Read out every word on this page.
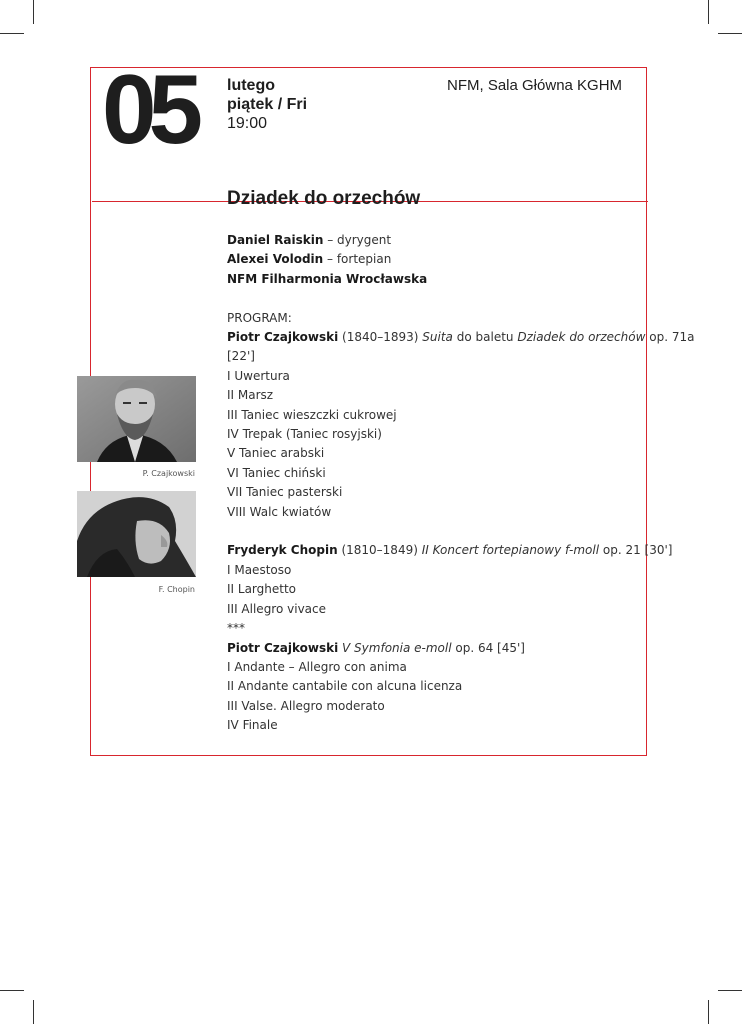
05 lutego
piątek / Fri
19:00
NFM, Sala Główna KGHM
Dziadek do orzechów
P. Czajkowski
F. Chopin
Daniel Raiskin – dyrygent
Alexei Volodin – fortepian
NFM Filharmonia Wrocławska
PROGRAM:
Piotr Czajkowski (1840–1893) Suita do baletu Dziadek do orzechów op. 71a
[22']
I Uwertura
II Marsz
III Taniec wieszczki cukrowej
IV Trepak (Taniec rosyjski)
V Taniec arabski
VI Taniec chiński
VII Taniec pasterski
VIII Walc kwiatów
Fryderyk Chopin (1810–1849) II Koncert fortepianowy f-moll op. 21 [30']
I Maestoso
II Larghetto
III Allegro vivace
***
Piotr Czajkowski V Symfonia e-moll op. 64 [45']
I Andante – Allegro con anima
II Andante cantabile con alcuna licenza
III Valse. Allegro moderato
IV Finale
